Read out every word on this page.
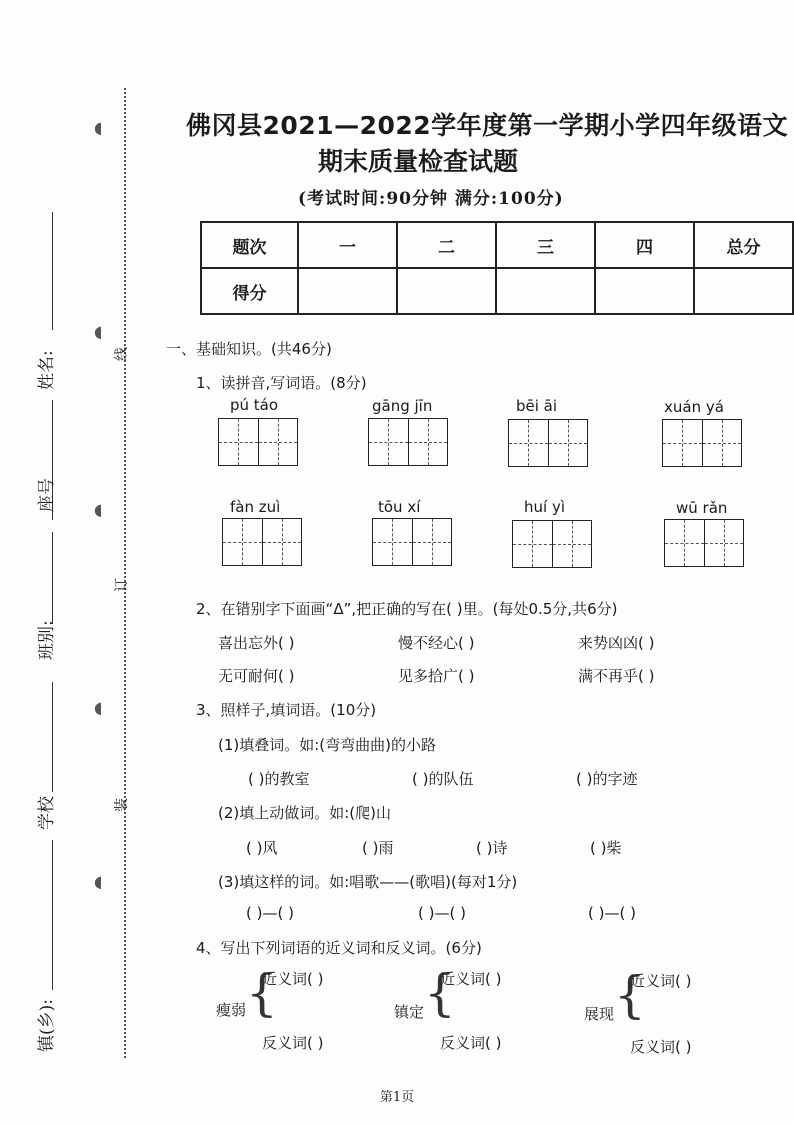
姓名:
座号
班别:
学校
镇(乡):
线
订
装
◖
◖
◖
◖
◖
佛冈县2021—2022学年度第一学期小学四年级语文
期末质量检查试题
(考试时间:90分钟 满分:100分)
题次	一	二	三	四	总分
得分					
一、基础知识。(共46分)
1、读拼音,写词语。(8分)
pú táo	gāng jīn	bēi āi	xuán yá
fàn zuì	tōu xí	huí yì	wū rǎn
2、在错别字下面画“Δ”,把正确的写在( )里。(每处0.5分,共6分)
喜出忘外( )	慢不经心( )	来势凶凶( )
无可耐何( )	见多拾广( )	满不再乎( )
3、照样子,填词语。(10分)
(1)填叠词。如:(弯弯曲曲)的小路
( )的教室	( )的队伍	( )的字迹
(2)填上动做词。如:(爬)山
( )风	( )雨	( )诗	( )柴
(3)填这样的词。如:唱歌——(歌唱)(每对1分)
( )—( )	( )—( )	( )—( )
4、写出下列词语的近义词和反义词。(6分)
瘦弱 {
近义词( )
反义词( )
镇定 {
近义词( )
反义词( )
展现 {
近义词( )
反义词( )
第1页
